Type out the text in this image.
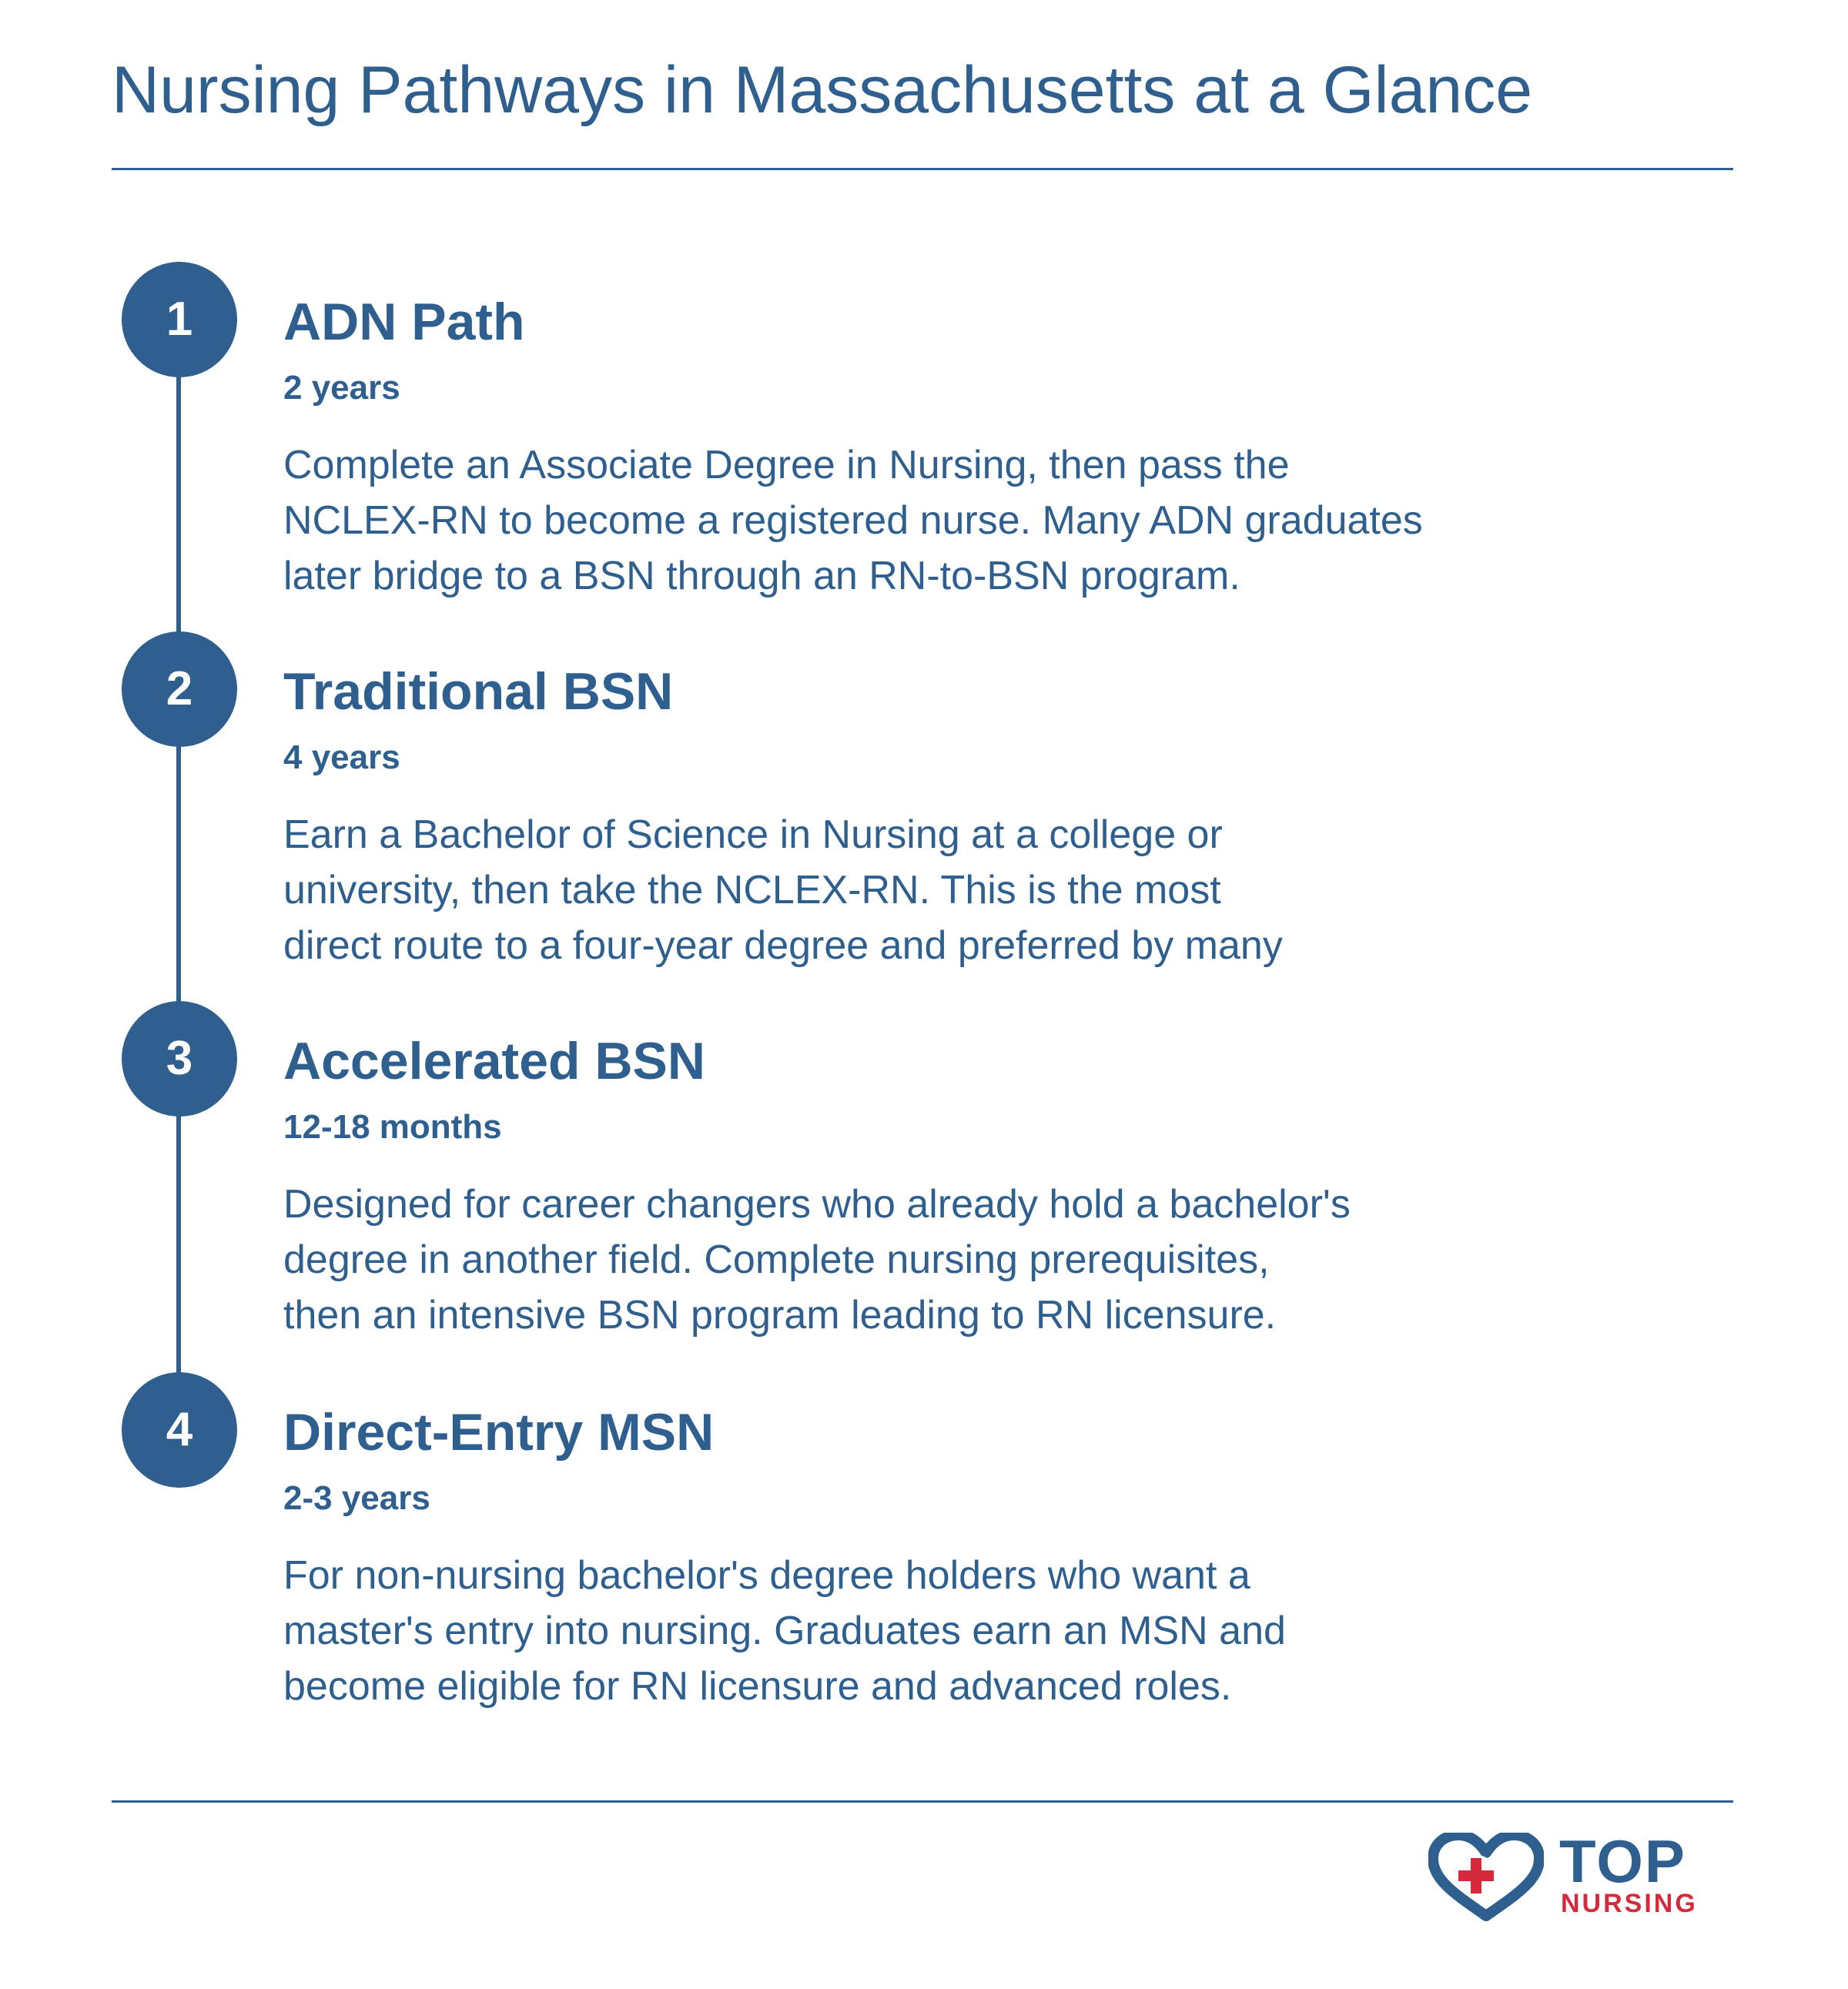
Nursing Pathways in Massachusetts at a Glance
1	ADN Path
2 years

Complete an Associate Degree in Nursing, then pass the
NCLEX-RN to become a registered nurse. Many ADN graduates
later bridge to a BSN through an RN-to-BSN program.

2	Traditional BSN
4 years

Earn a Bachelor of Science in Nursing at a college or
university, then take the NCLEX-RN. This is the most
direct route to a four-year degree and preferred by many

3	Accelerated BSN
12-18 months

Designed for career changers who already hold a bachelor's
degree in another field. Complete nursing prerequisites,
then an intensive BSN program leading to RN licensure.

4	Direct-Entry MSN
2-3 years

For non-nursing bachelor's degree holders who want a
master's entry into nursing. Graduates earn an MSN and
become eligible for RN licensure and advanced roles.

TOP
NURSING
